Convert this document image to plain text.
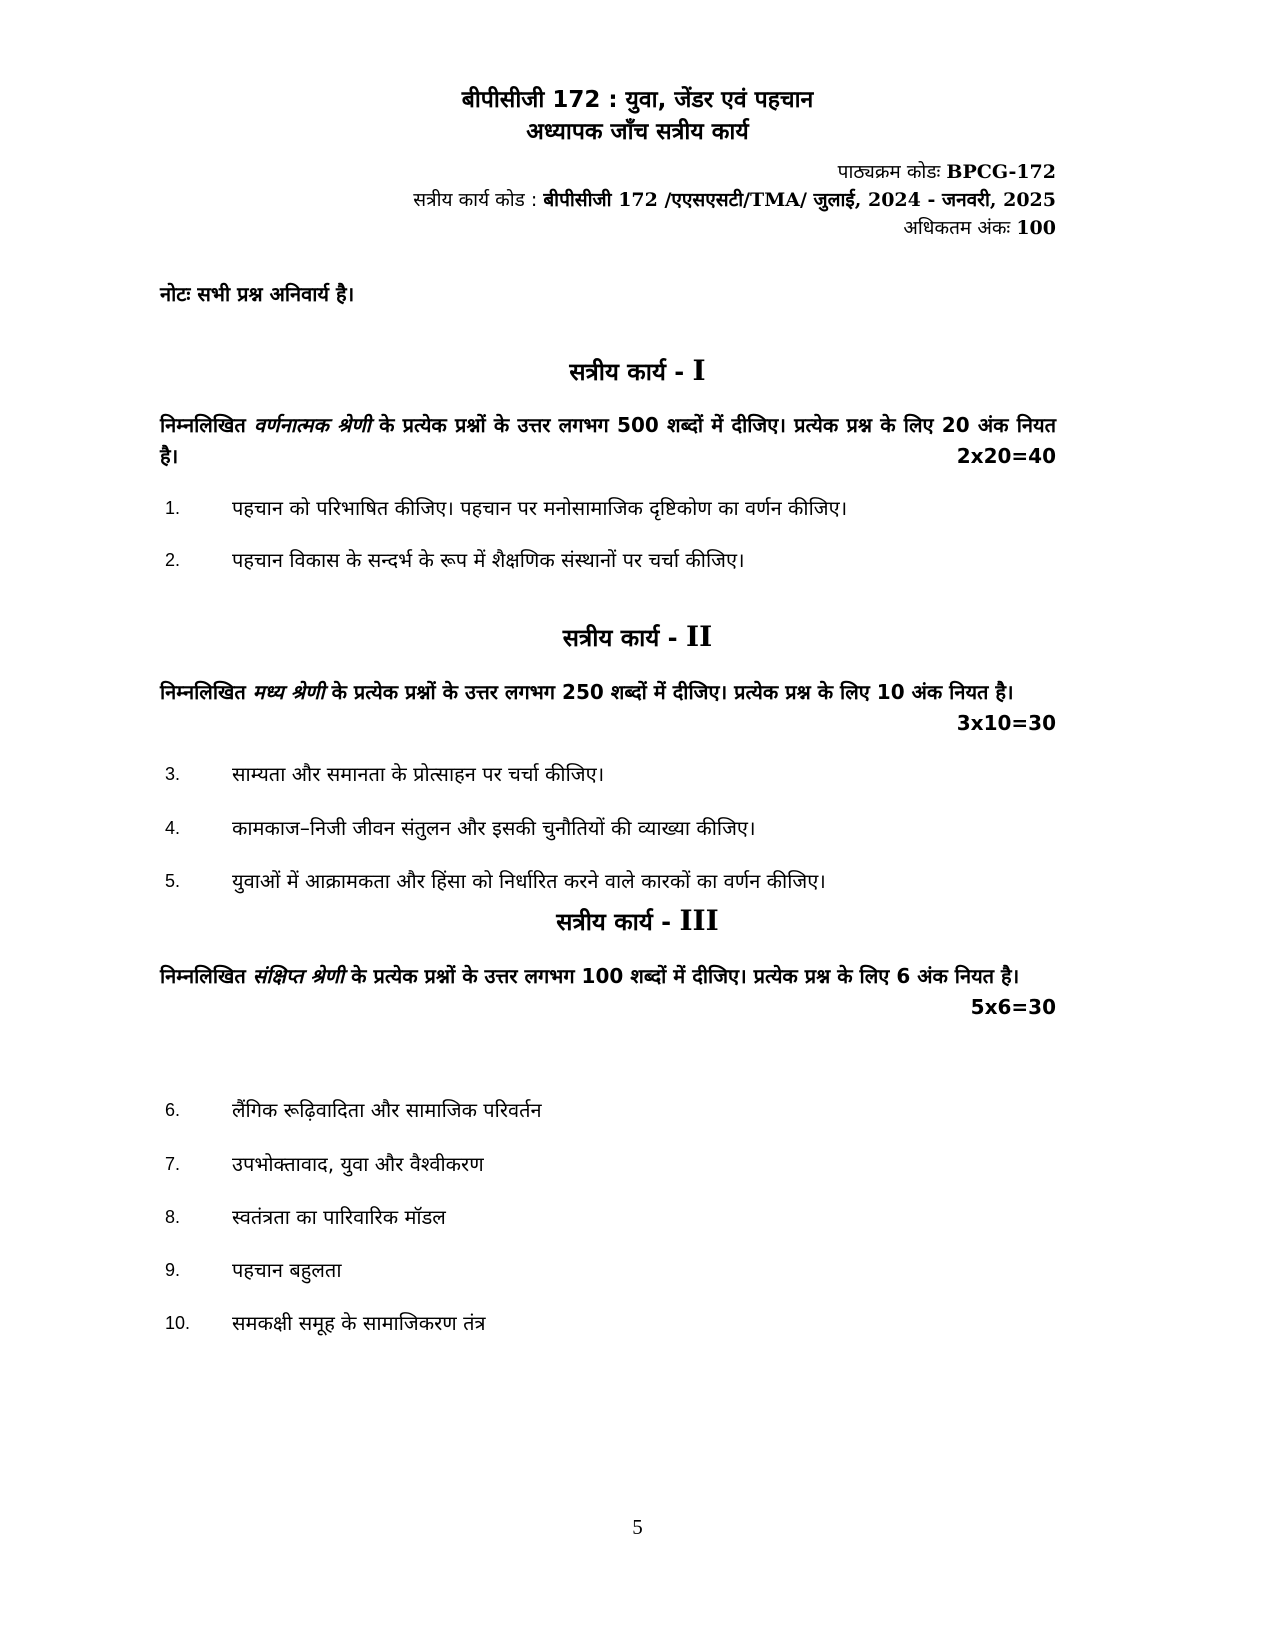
बीपीसीजी 172 : युवा, जेंडर एवं पहचान
अध्यापक जाँच सत्रीय कार्य
पाठ्यक्रम कोडः BPCG-172
सत्रीय कार्य कोड : बीपीसीजी 172 /एएसएसटी/TMA/ जुलाई, 2024 - जनवरी, 2025
अधिकतम अंकः 100
नोटः सभी प्रश्न अनिवार्य है।
सत्रीय कार्य - I
निम्नलिखित वर्णनात्मक श्रेणी के प्रत्येक प्रश्नों के उत्तर लगभग 500 शब्दों में दीजिए। प्रत्येक प्रश्न के लिए 20 अंक नियत है।	2x20=40
1.	पहचान को परिभाषित कीजिए। पहचान पर मनोसामाजिक दृष्टिकोण का वर्णन कीजिए।
2.	पहचान विकास के सन्दर्भ के रूप में शैक्षणिक संस्थानों पर चर्चा कीजिए।
सत्रीय कार्य - II
निम्नलिखित मध्य श्रेणी के प्रत्येक प्रश्नों के उत्तर लगभग 250 शब्दों में दीजिए। प्रत्येक प्रश्न के लिए 10 अंक नियत है।
3x10=30
3.	साम्यता और समानता के प्रोत्साहन पर चर्चा कीजिए।
4.	कामकाज–निजी जीवन संतुलन और इसकी चुनौतियों की व्याख्या कीजिए।
5.	युवाओं में आक्रामकता और हिंसा को निर्धारित करने वाले कारकों का वर्णन कीजिए।
सत्रीय कार्य - III
निम्नलिखित संक्षिप्त श्रेणी के प्रत्येक प्रश्नों के उत्तर लगभग 100 शब्दों में दीजिए। प्रत्येक प्रश्न के लिए 6 अंक नियत है।
5x6=30
6.	लैंगिक रूढ़िवादिता और सामाजिक परिवर्तन
7.	उपभोक्तावाद, युवा और वैश्वीकरण
8.	स्वतंत्रता का पारिवारिक मॉडल
9.	पहचान बहुलता
10. समकक्षी समूह के सामाजिकरण तंत्र
5
